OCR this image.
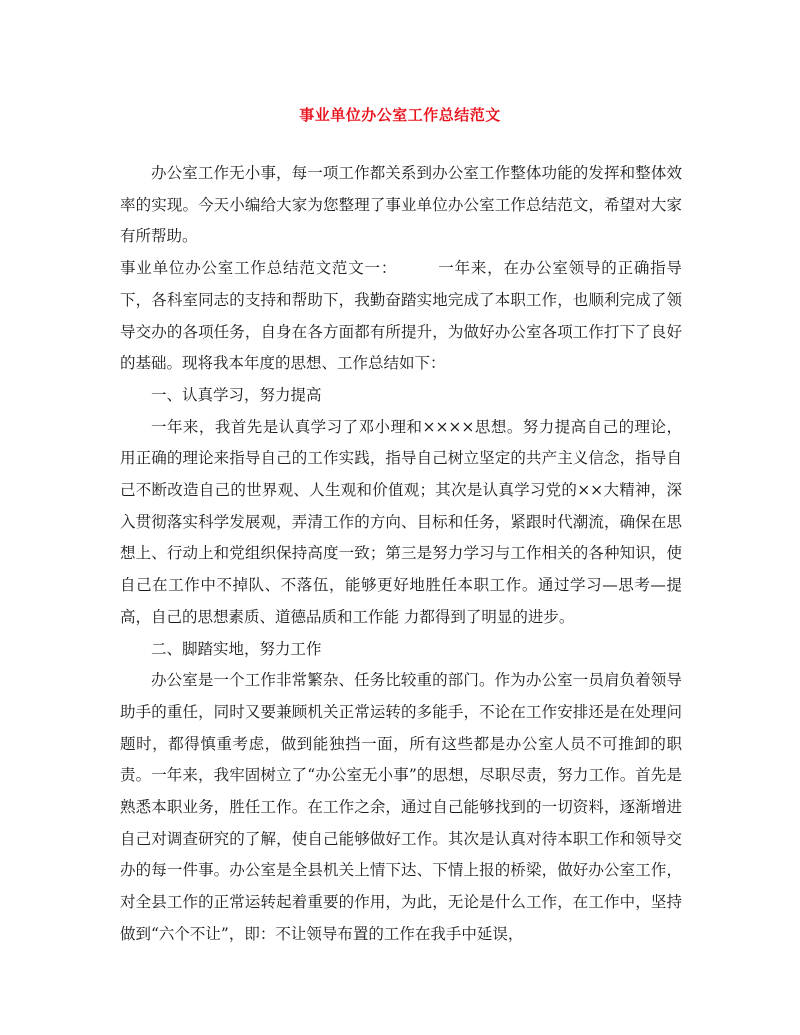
事业单位办公室工作总结范文

办公室工作无小事，每一项工作都关系到办公室工作整体功能的发挥和整体效率的实现。今天小编给大家为您整理了事业单位办公室工作总结范文，希望对大家有所帮助。

事业单位办公室工作总结范文范文一：　　　一年来，在办公室领导的正确指导下，各科室同志的支持和帮助下，我勤奋踏实地完成了本职工作，也顺利完成了领导交办的各项任务，自身在各方面都有所提升，为做好办公室各项工作打下了良好的基础。现将我本年度的思想、工作总结如下：

一、认真学习，努力提高

一年来，我首先是认真学习了邓小理和××××思想。努力提高自己的理论，用正确的理论来指导自己的工作实践，指导自己树立坚定的共产主义信念，指导自己不断改造自己的世界观、人生观和价值观；其次是认真学习党的××大精神，深入贯彻落实科学发展观，弄清工作的方向、目标和任务，紧跟时代潮流，确保在思想上、行动上和党组织保持高度一致；第三是努力学习与工作相关的各种知识，使自己在工作中不掉队、不落伍，能够更好地胜任本职工作。通过学习—思考—提高，自己的思想素质、道德品质和工作能 力都得到了明显的进步。

二、脚踏实地，努力工作

办公室是一个工作非常繁杂、任务比较重的部门。作为办公室一员肩负着领导助手的重任，同时又要兼顾机关正常运转的多能手，不论在工作安排还是在处理问题时，都得慎重考虑，做到能独挡一面，所有这些都是办公室人员不可推卸的职责。一年来，我牢固树立了“办公室无小事”的思想，尽职尽责，努力工作。首先是熟悉本职业务，胜任工作。在工作之余，通过自己能够找到的一切资料，逐渐增进自己对调查研究的了解，使自己能够做好工作。其次是认真对待本职工作和领导交办的每一件事。办公室是全县机关上情下达、下情上报的桥梁，做好办公室工作，对全县工作的正常运转起着重要的作用，为此，无论是什么工作，在工作中，坚持做到“六个不让”，即：不让领导布置的工作在我手中延误，
